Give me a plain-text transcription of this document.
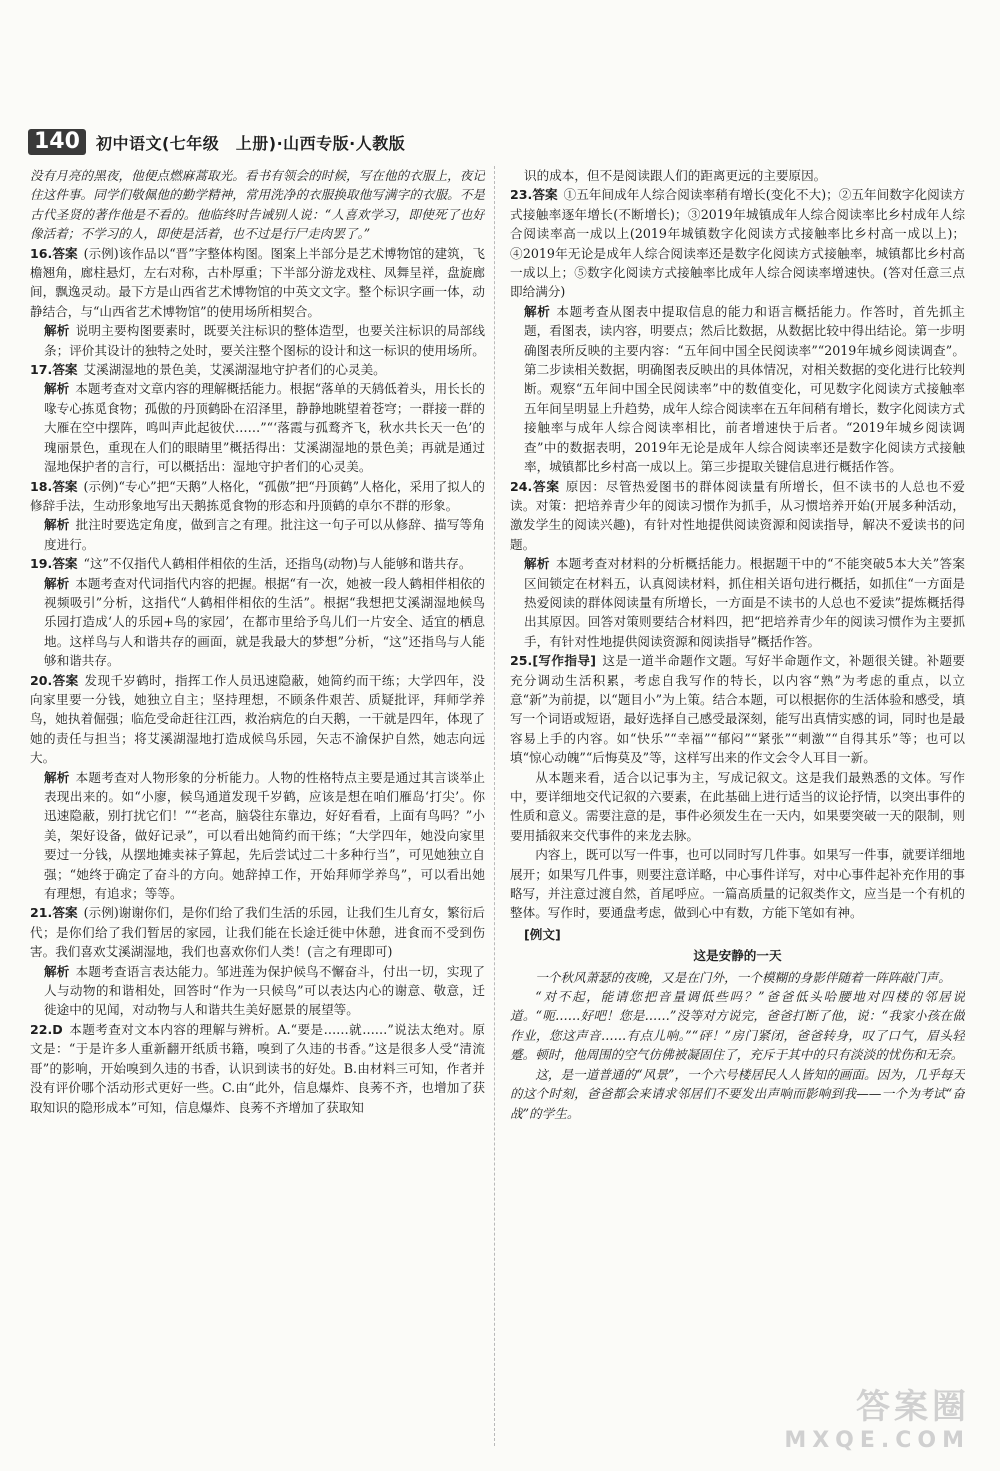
140	初中语文(七年级　上册)·山西专版·人教版

没有月亮的黑夜，他便点燃麻蒿取光。看书有领会的时候，写在他的衣服上，夜记住这件事。同学们敬佩他的勤学精神，常用洗净的衣服换取他写满字的衣服。不是古代圣贤的著作他是不看的。他临终时告诫别人说：“人喜欢学习，即使死了也好像活着；不学习的人，即使是活着，也不过是行尸走肉罢了。”

16.答案 (示例)该作品以“晋”字整体构图。图案上半部分是艺术博物馆的建筑，飞檐翘角，廊柱悬灯，左右对称，古朴厚重；下半部分游龙戏柱、凤舞呈祥，盘旋廊间，飘逸灵动。最下方是山西省艺术博物馆的中英文文字。整个标识字画一体，动静结合，与“山西省艺术博物馆”的使用场所相契合。

解析 说明主要构图要素时，既要关注标识的整体造型，也要关注标识的局部线条；评价其设计的独特之处时，要关注整个图标的设计和这一标识的使用场所。

17.答案 艾溪湖湿地的景色美，艾溪湖湿地守护者们的心灵美。

解析 本题考查对文章内容的理解概括能力。根据“落单的天鸫低着头，用长长的喙专心拣觅食物；孤傲的丹顶鹤卧在沼泽里，静静地眺望着苍穹；一群接一群的大雁在空中摆阵，鸣叫声此起彼伏……”“‘落霞与孤鹜齐飞，秋水共长天一色’的瑰丽景色，重现在人们的眼睛里”概括得出：艾溪湖湿地的景色美；再就是通过湿地保护者的言行，可以概括出：湿地守护者们的心灵美。

18.答案 (示例)“专心”把“天鹅”人格化，“孤傲”把“丹顶鹤”人格化，采用了拟人的修辞手法，生动形象地写出天鹅拣觅食物的形态和丹顶鹤的卓尔不群的形象。

解析 批注时要选定角度，做到言之有理。批注这一句子可以从修辞、描写等角度进行。

19.答案 “这”不仅指代人鹤相伴相依的生活，还指鸟(动物)与人能够和谐共存。

解析 本题考查对代词指代内容的把握。根据“有一次，她被一段人鹤相伴相依的视频吸引”分析，这指代“人鹤相伴相依的生活”。根据“我想把艾溪湖湿地候鸟乐园打造成‘人的乐园+鸟的家园’，在都市里给予鸟儿们一片安全、适宜的栖息地。这样鸟与人和谐共存的画面，就是我最大的梦想”分析，“这”还指鸟与人能够和谐共存。

20.答案 发现千岁鹤时，指挥工作人员迅速隐蔽，她简约而干练；大学四年，没向家里要一分钱，她独立自主；坚持理想，不顾条件艰苦、质疑批评，拜师学养鸟，她执着倔强；临危受命赶往江西，救治病危的白天鹅，一干就是四年，体现了她的责任与担当；将艾溪湖湿地打造成候鸟乐园，矢志不渝保护自然，她志向远大。

解析 本题考查对人物形象的分析能力。人物的性格特点主要是通过其言谈举止表现出来的。如“小廖，候鸟通道发现千岁鹤，应该是想在咱们雁岛‘打尖’。你迅速隐蔽，别打扰它们！”“老高，脑袋往东靠边，好好看看，上面有鸟吗？”小美，架好设备，做好记录”，可以看出她简约而干练；“大学四年，她没向家里要过一分钱，从摆地摊卖袜子算起，先后尝试过二十多种行当”，可见她独立自强；“她终于确定了奋斗的方向。她辞掉工作，开始拜师学养鸟”，可以看出她有理想，有追求；等等。

21.答案 (示例)谢谢你们，是你们给了我们生活的乐园，让我们生儿育女，繁衍后代；是你们给了我们暂居的家园，让我们能在长途迁徙中休憩，进食而不受到伤害。我们喜欢艾溪湖湿地，我们也喜欢你们人类！(言之有理即可)

解析 本题考查语言表达能力。邹进莲为保护候鸟不懈奋斗，付出一切，实现了人与动物的和谐相处，回答时“作为一只候鸟”可以表达内心的谢意、敬意，迁徙途中的见闻，对动物与人和谐共生美好愿景的展望等。

22.D 本题考查对文本内容的理解与辨析。A.“要是……就……”说法太绝对。原文是：“于是许多人重新翻开纸质书籍，嗅到了久违的书香。”这是很多人受“清流哥”的影响，开始嗅到久违的书香，认识到读书的好处。B.由材料三可知，作者并没有评价哪个活动形式更好一些。C.由“此外，信息爆炸、良莠不齐，也增加了获取知识的隐形成本”可知，信息爆炸、良莠不齐增加了获取知

识的成本，但不是阅读跟人们的距离更远的主要原因。

23.答案 ①五年间成年人综合阅读率稍有增长(变化不大)；②五年间数字化阅读方式接触率逐年增长(不断增长)；③2019年城镇成年人综合阅读率比乡村成年人综合阅读率高一成以上(2019年城镇数字化阅读方式接触率比乡村高一成以上)；④2019年无论是成年人综合阅读率还是数字化阅读方式接触率，城镇都比乡村高一成以上；⑤数字化阅读方式接触率比成年人综合阅读率增速快。(答对任意三点即给满分)

解析 本题考查从图表中提取信息的能力和语言概括能力。作答时，首先抓主题，看图表，读内容，明要点；然后比数据，从数据比较中得出结论。第一步明确图表所反映的主要内容：“五年间中国全民阅读率”“2019年城乡阅读调查”。第二步读相关数据，明确图表反映出的具体情况，对相关数据的变化进行比较判断。观察“五年间中国全民阅读率”中的数值变化，可见数字化阅读方式接触率五年间呈明显上升趋势，成年人综合阅读率在五年间稍有增长，数字化阅读方式接触率与成年人综合阅读率相比，前者增速快于后者。“2019年城乡阅读调查”中的数据表明，2019年无论是成年人综合阅读率还是数字化阅读方式接触率，城镇都比乡村高一成以上。第三步提取关键信息进行概括作答。

24.答案 原因：尽管热爱图书的群体阅读量有所增长，但不读书的人总也不爱读。对策：把培养青少年的阅读习惯作为抓手，从习惯培养开始(开展多种活动，激发学生的阅读兴趣)，有针对性地提供阅读资源和阅读指导，解决不爱读书的问题。

解析 本题考查对材料的分析概括能力。根据题干中的“不能突破5本大关”答案区间锁定在材料五，认真阅读材料，抓住相关语句进行概括，如抓住“一方面是热爱阅读的群体阅读量有所增长，一方面是不读书的人总也不爱读”提炼概括得出其原因。回答对策则要结合材料四，把“把培养青少年的阅读习惯作为主要抓手，有针对性地提供阅读资源和阅读指导”概括作答。

25.[写作指导] 这是一道半命题作文题。写好半命题作文，补题很关键。补题要充分调动生活积累，考虑自我写作的特长，以内容“熟”为考虑的重点，以立意“新”为前提，以“题目小”为上策。结合本题，可以根据你的生活体验和感受，填写一个词语或短语，最好选择自己感受最深刻，能写出真情实感的词，同时也是最容易上手的内容。如“快乐”“幸福”“郁闷”“紧张”“刺激”“自得其乐”等；也可以填“惊心动魄”“后悔莫及”等，这样写出来的作文会令人耳目一新。

从本题来看，适合以记事为主，写成记叙文。这是我们最熟悉的文体。写作中，要详细地交代记叙的六要素，在此基础上进行适当的议论抒情，以突出事件的性质和意义。需要注意的是，事件必须发生在一天内，如果要突破一天的限制，则要用插叙来交代事件的来龙去脉。

内容上，既可以写一件事，也可以同时写几件事。如果写一件事，就要详细地展开；如果写几件事，则要注意详略，中心事件详写，对中心事件起补充作用的事略写，并注意过渡自然，首尾呼应。一篇高质量的记叙类作文，应当是一个有机的整体。写作时，要通盘考虑，做到心中有数，方能下笔如有神。

[例文]

这是安静的一天

一个秋风萧瑟的夜晚，又是在门外，一个模糊的身影伴随着一阵阵敲门声。

“对不起，能请您把音量调低些吗？”爸爸低头哈腰地对四楼的邻居说道。“呃……好吧！您是……”没等对方说完，爸爸打断了他，说：“我家小孩在做作业，您这声音……有点儿响。”“砰！”房门紧闭，爸爸转身，叹了口气，眉头轻蹙。顿时，他周围的空气仿佛被凝固住了，充斥于其中的只有淡淡的忧伤和无奈。

这，是一道普通的“风景”，一个六号楼居民人人皆知的画面。因为，几乎每天的这个时刻，爸爸都会来请求邻居们不要发出声响而影响到我——一个为考试“奋战”的学生。

答案圈
MXQE.COM
